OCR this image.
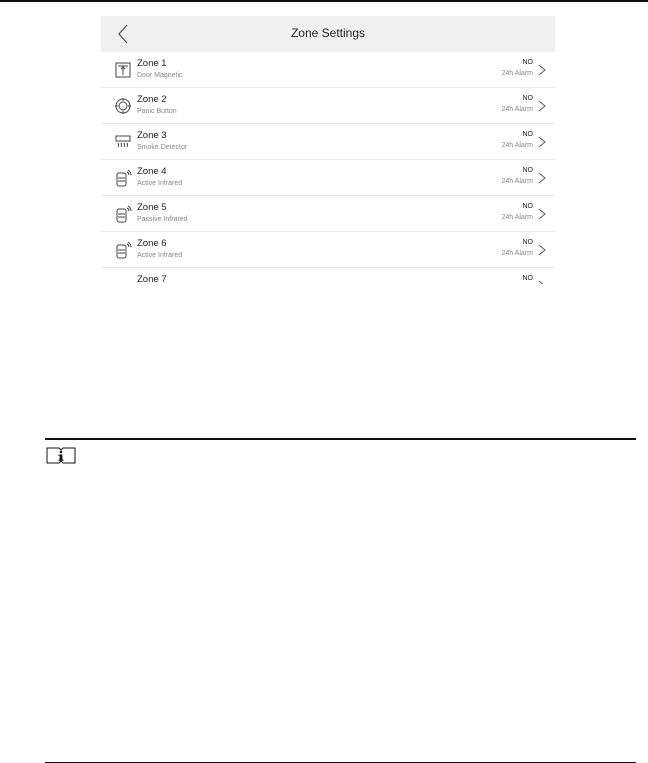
Zone Settings
Zone 1
Door Magnetic
NO
24h Alarm
Zone 2
Panic Button
NO
24h Alarm
Zone 3
Smoke Detector
NO
24h Alarm
Zone 4
Active Infrared
NO
24h Alarm
Zone 5
Passive Infrared
NO
24h Alarm
Zone 6
Active Infrared
NO
24h Alarm
Zone 7	NO
